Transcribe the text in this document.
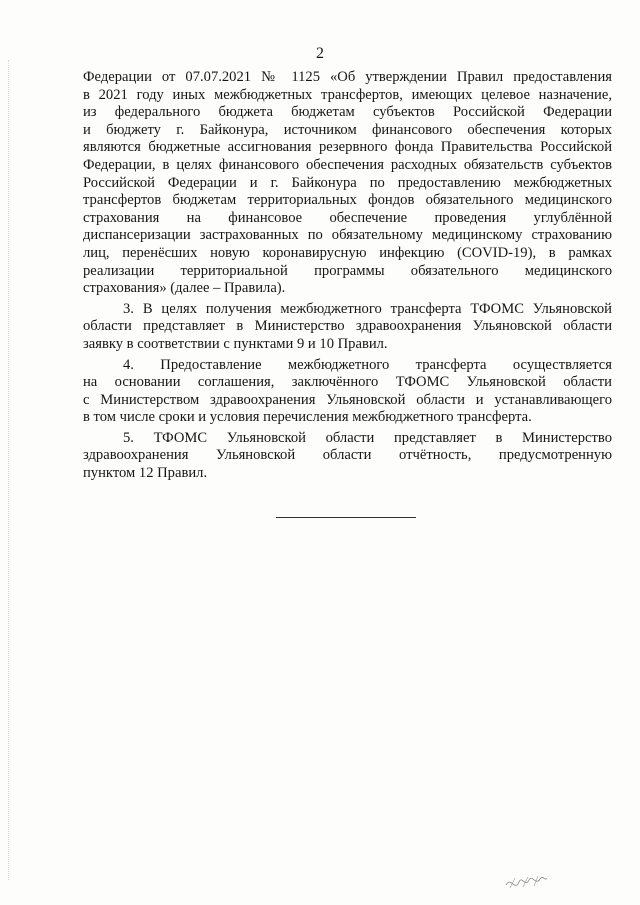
2
Федерации от 07.07.2021 № 1125 «Об утверждении Правил предоставления
в 2021 году иных межбюджетных трансфертов, имеющих целевое назначение,
из федерального бюджета бюджетам субъектов Российской Федерации
и бюджету г. Байконура, источником финансового обеспечения которых
являются бюджетные ассигнования резервного фонда Правительства Российской
Федерации, в целях финансового обеспечения расходных обязательств субъектов
Российской Федерации и г. Байконура по предоставлению межбюджетных
трансфертов бюджетам территориальных фондов обязательного медицинского
страхования на финансовое обеспечение проведения углублённой
диспансеризации застрахованных по обязательному медицинскому страхованию
лиц, перенёсших новую коронавирусную инфекцию (COVID-19), в рамках
реализации территориальной программы обязательного медицинского
страхования» (далее – Правила).
3. В целях получения межбюджетного трансферта ТФОМС Ульяновской
области представляет в Министерство здравоохранения Ульяновской области
заявку в соответствии с пунктами 9 и 10 Правил.
4. Предоставление межбюджетного трансферта осуществляется
на основании соглашения, заключённого ТФОМС Ульяновской области
с Министерством здравоохранения Ульяновской области и устанавливающего
в том числе сроки и условия перечисления межбюджетного трансферта.
5. ТФОМС Ульяновской области представляет в Министерство
здравоохранения Ульяновской области отчётность, предусмотренную
пунктом 12 Правил.
